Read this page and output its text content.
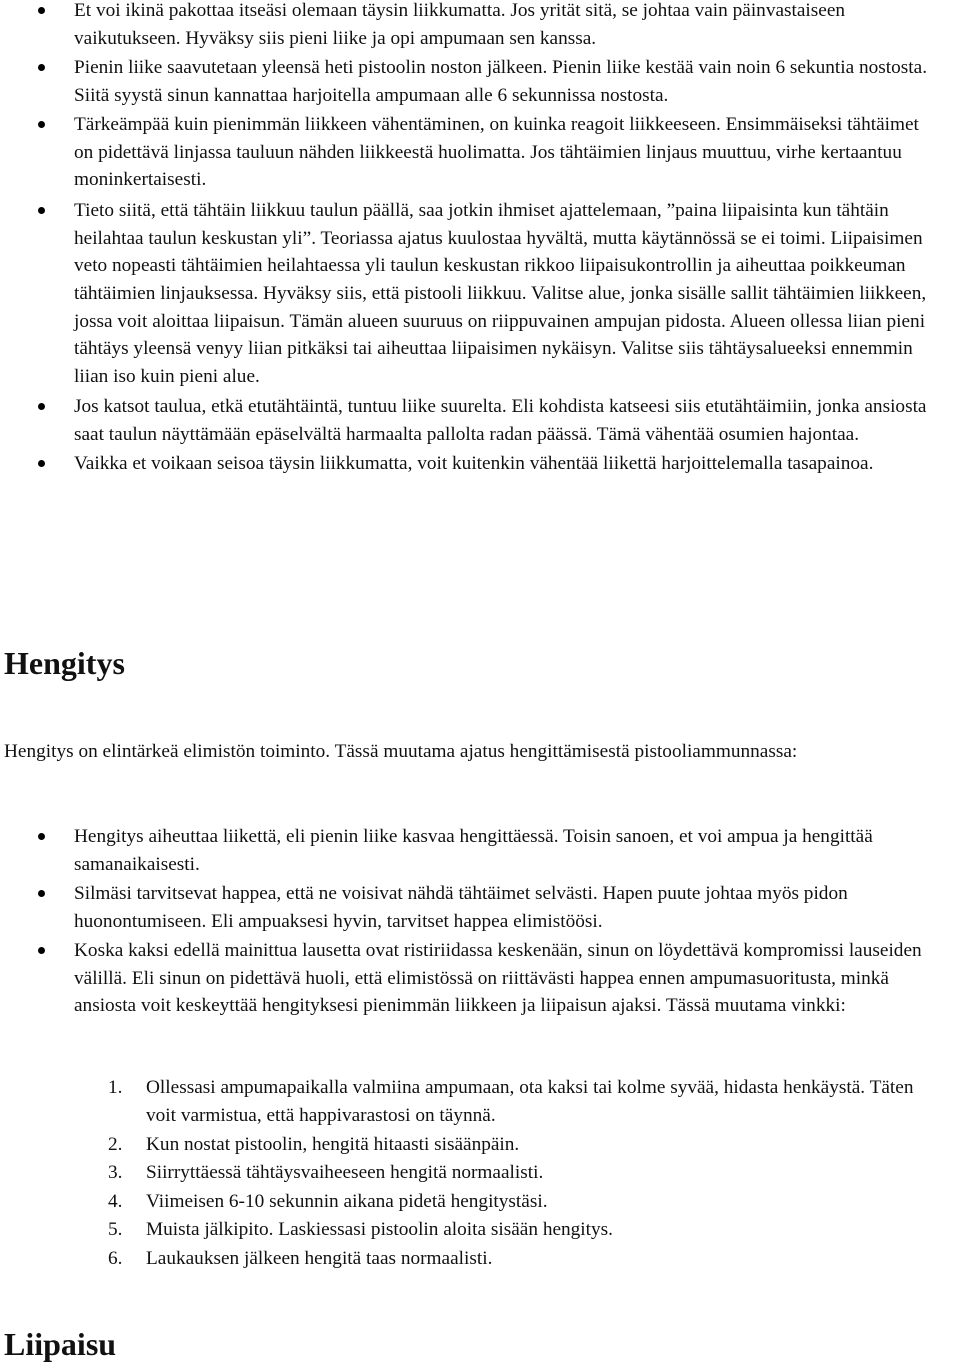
Et voi ikinä pakottaa itseäsi olemaan täysin liikkumatta. Jos yrität sitä, se johtaa vain päinvastaiseen vaikutukseen. Hyväksy siis pieni liike ja opi ampumaan sen kanssa.
Pienin liike saavutetaan yleensä heti pistoolin noston jälkeen. Pienin liike kestää vain noin 6 sekuntia nostosta. Siitä syystä sinun kannattaa harjoitella ampumaan alle 6 sekunnissa nostosta.
Tärkeämpää kuin pienimmän liikkeen vähentäminen, on kuinka reagoit liikkeeseen. Ensimmäiseksi tähtäimet on pidettävä linjassa tauluun nähden liikkeestä huolimatta. Jos tähtäimien linjaus muuttuu, virhe kertaantuu moninkertaisesti.
Tieto siitä, että tähtäin liikkuu taulun päällä, saa jotkin ihmiset ajattelemaan, ”paina liipaisinta kun tähtäin heilahtaa taulun keskustan yli”. Teoriassa ajatus kuulostaa hyvältä, mutta käytännössä se ei toimi. Liipaisimen veto nopeasti tähtäimien heilahtaessa yli taulun keskustan rikkoo liipaisukontrollin ja aiheuttaa poikkeuman tähtäimien linjauksessa. Hyväksy siis, että pistooli liikkuu. Valitse alue, jonka sisälle sallit tähtäimien liikkeen, jossa voit aloittaa liipaisun. Tämän alueen suuruus on riippuvainen ampujan pidosta. Alueen ollessa liian pieni tähtäys yleensä venyy liian pitkäksi tai aiheuttaa liipaisimen nykäisyn. Valitse siis tähtäysalueeksi ennemmin liian iso kuin pieni alue.
Jos katsot taulua, etkä etutähtäintä, tuntuu liike suurelta. Eli kohdista katseesi siis etutähtäimiin, jonka ansiosta saat taulun näyttämään epäselvältä harmaalta pallolta radan päässä. Tämä vähentää osumien hajontaa.
Vaikka et voikaan seisoa täysin liikkumatta, voit kuitenkin vähentää liikettä harjoittelemalla tasapainoa.
Hengitys

Hengitys on elintärkeä elimistön toiminto. Tässä muutama ajatus hengittämisestä pistooliammunnassa:

Hengitys aiheuttaa liikettä, eli pienin liike kasvaa hengittäessä. Toisin sanoen, et voi ampua ja hengittää samanaikaisesti.
Silmäsi tarvitsevat happea, että ne voisivat nähdä tähtäimet selvästi. Hapen puute johtaa myös pidon huonontumiseen. Eli ampuaksesi hyvin, tarvitset happea elimistöösi.
Koska kaksi edellä mainittua lausetta ovat ristiriidassa keskenään, sinun on löydettävä kompromissi lauseiden välillä. Eli sinun on pidettävä huoli, että elimistössä on riittävästi happea ennen ampumasuoritusta, minkä ansiosta voit keskeyttää hengityksesi pienimmän liikkeen ja liipaisun ajaksi. Tässä muutama vinkki:
1. Ollessasi ampumapaikalla valmiina ampumaan, ota kaksi tai kolme syvää, hidasta henkäystä. Täten voit varmistua, että happivarastosi on täynnä.
2. Kun nostat pistoolin, hengitä hitaasti sisäänpäin.
3. Siirryttäessä tähtäysvaiheeseen hengitä normaalisti.
4. Viimeisen 6-10 sekunnin aikana pidetä hengitystäsi.
5. Muista jälkipito. Laskiessasi pistoolin aloita sisään hengitys.
6. Laukauksen jälkeen hengitä taas normaalisti.
Liipaisu
